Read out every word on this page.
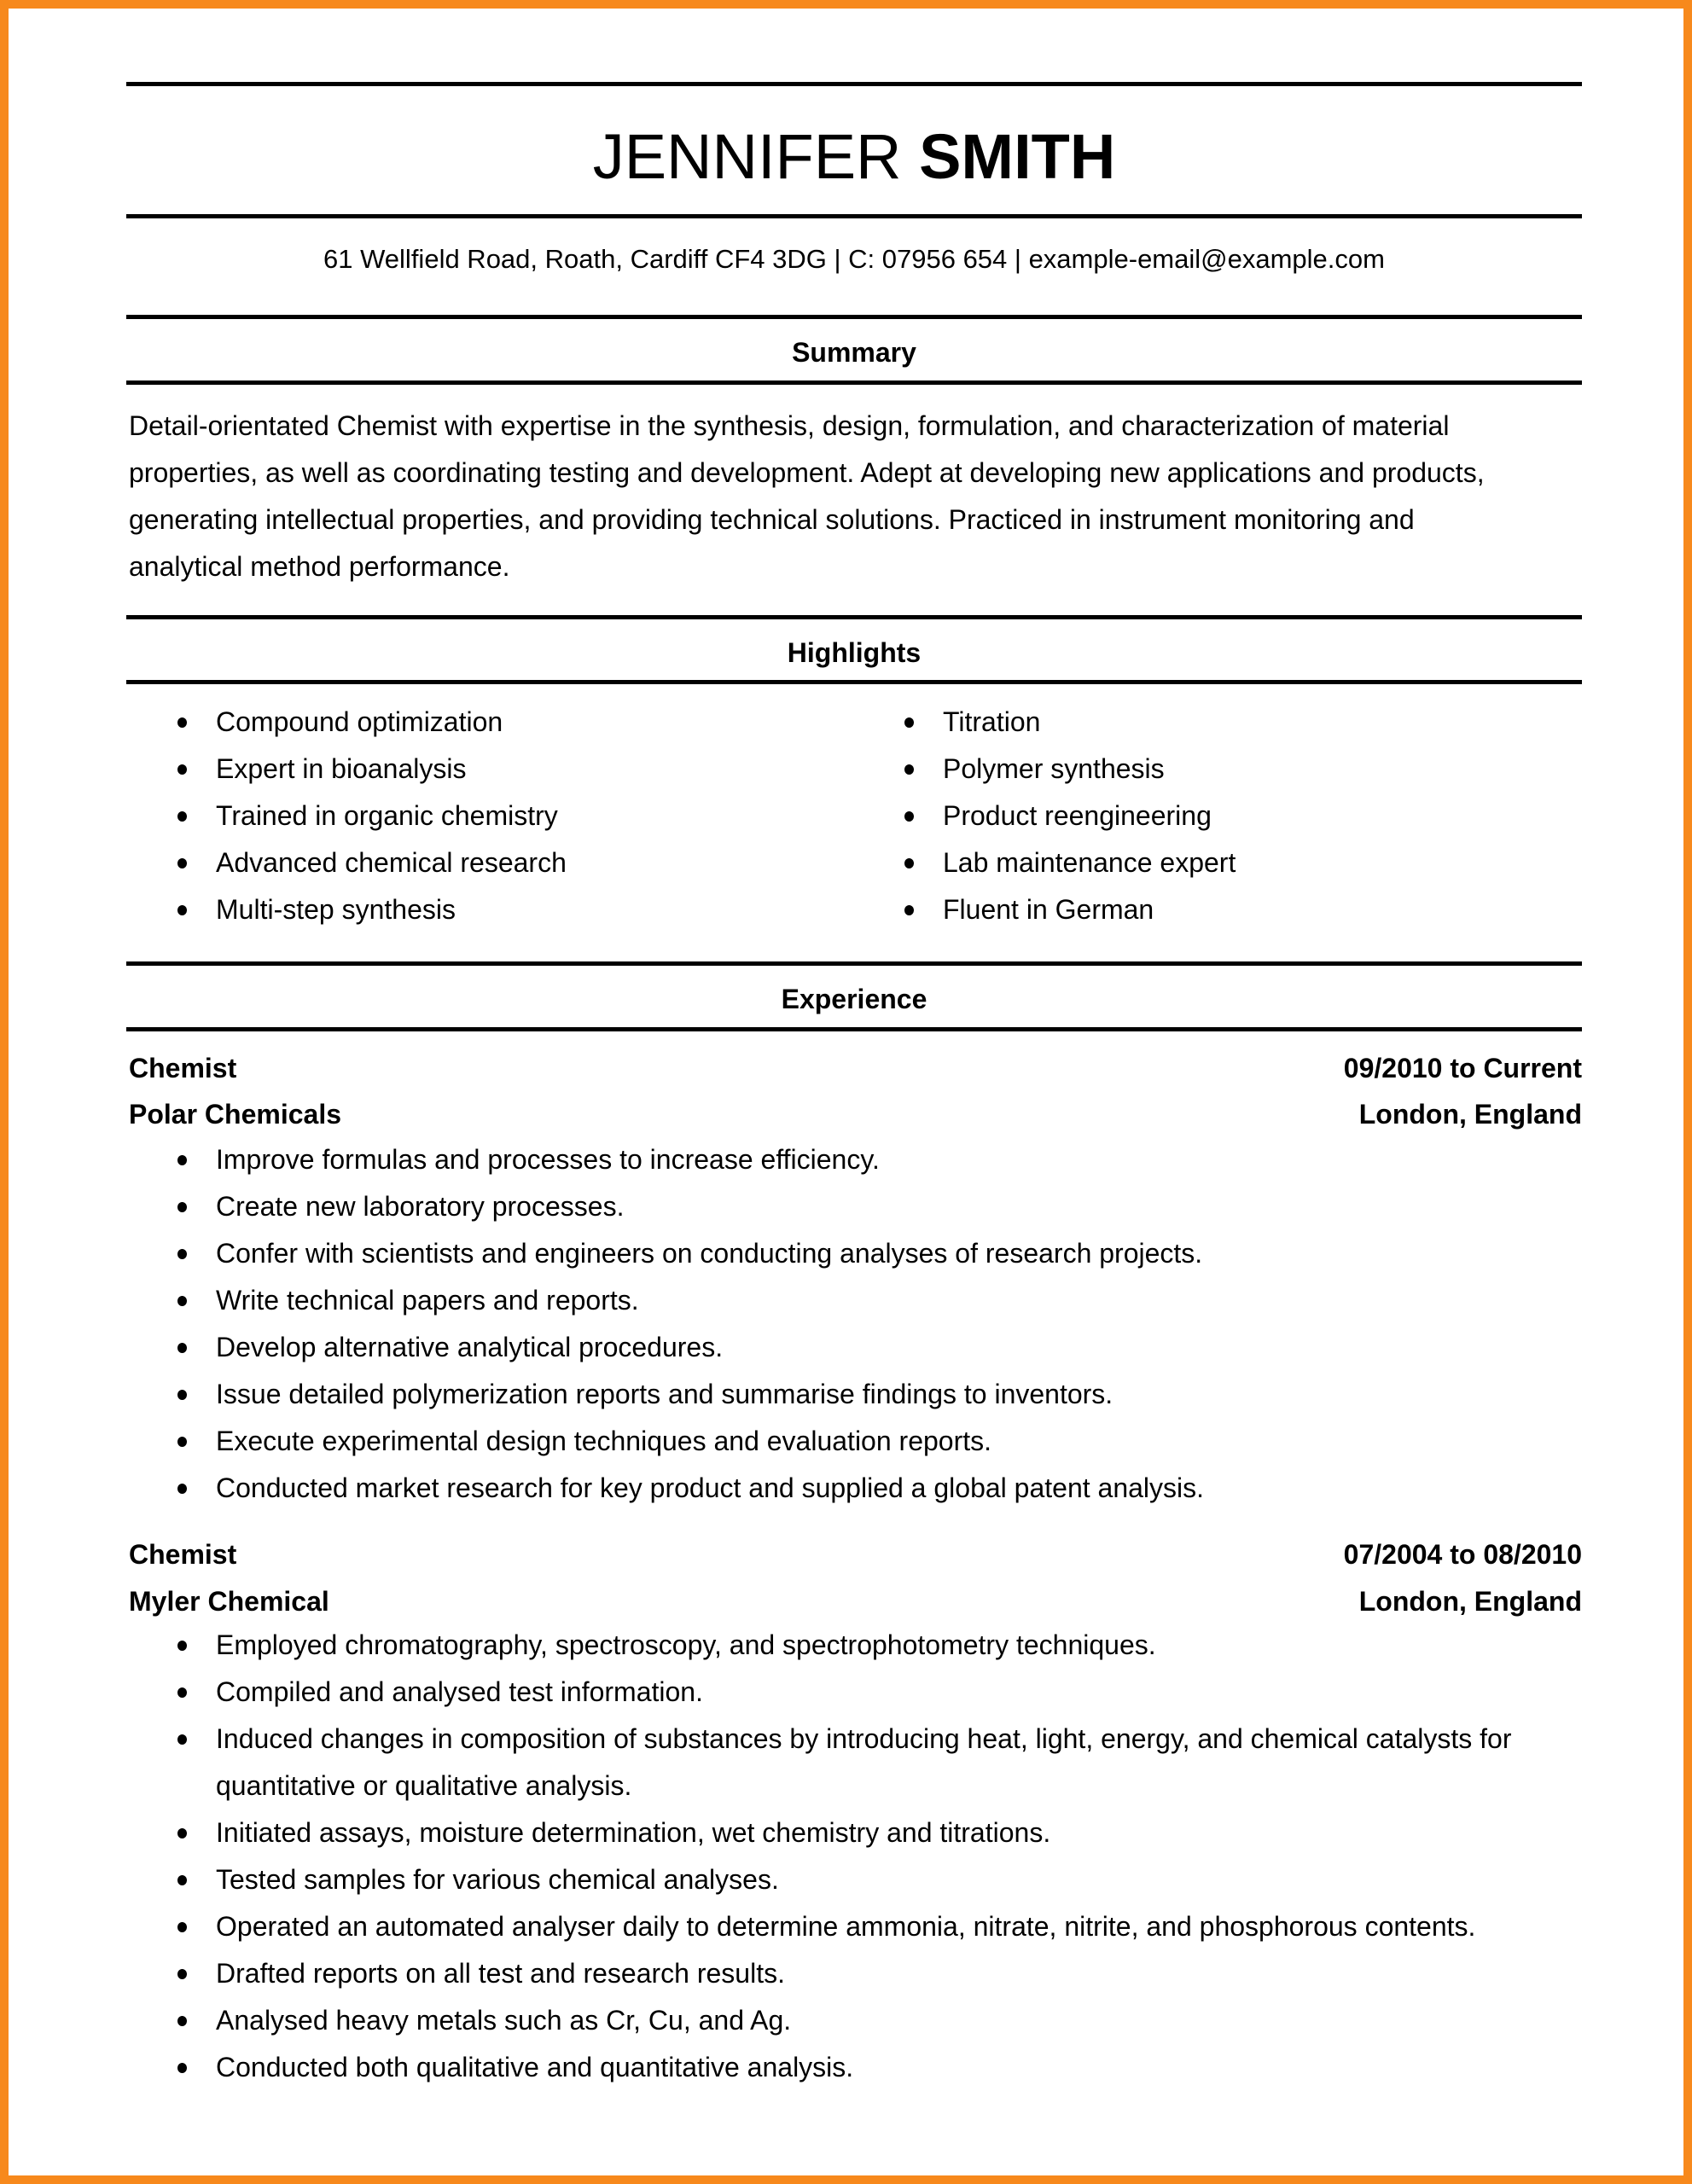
JENNIFER SMITH
61 Wellfield Road, Roath, Cardiff CF4 3DG | C: 07956 654 | example-email@example.com
Summary
Detail-orientated Chemist with expertise in the synthesis, design, formulation, and characterization of material
properties, as well as coordinating testing and development. Adept at developing new applications and products,
generating intellectual properties, and providing technical solutions. Practiced in instrument monitoring and
analytical method performance.
Highlights
Compound optimization
Expert in bioanalysis
Trained in organic chemistry
Advanced chemical research
Multi-step synthesis
Titration
Polymer synthesis
Product reengineering
Lab maintenance expert
Fluent in German
Experience
Chemist	09/2010 to Current
Polar Chemicals	London, England
Improve formulas and processes to increase efficiency.
Create new laboratory processes.
Confer with scientists and engineers on conducting analyses of research projects.
Write technical papers and reports.
Develop alternative analytical procedures.
Issue detailed polymerization reports and summarise findings to inventors.
Execute experimental design techniques and evaluation reports.
Conducted market research for key product and supplied a global patent analysis.
Chemist	07/2004 to 08/2010
Myler Chemical	London, England
Employed chromatography, spectroscopy, and spectrophotometry techniques.
Compiled and analysed test information.
Induced changes in composition of substances by introducing heat, light, energy, and chemical catalysts for quantitative or qualitative analysis.
Initiated assays, moisture determination, wet chemistry and titrations.
Tested samples for various chemical analyses.
Operated an automated analyser daily to determine ammonia, nitrate, nitrite, and phosphorous contents.
Drafted reports on all test and research results.
Analysed heavy metals such as Cr, Cu, and Ag.
Conducted both qualitative and quantitative analysis.
